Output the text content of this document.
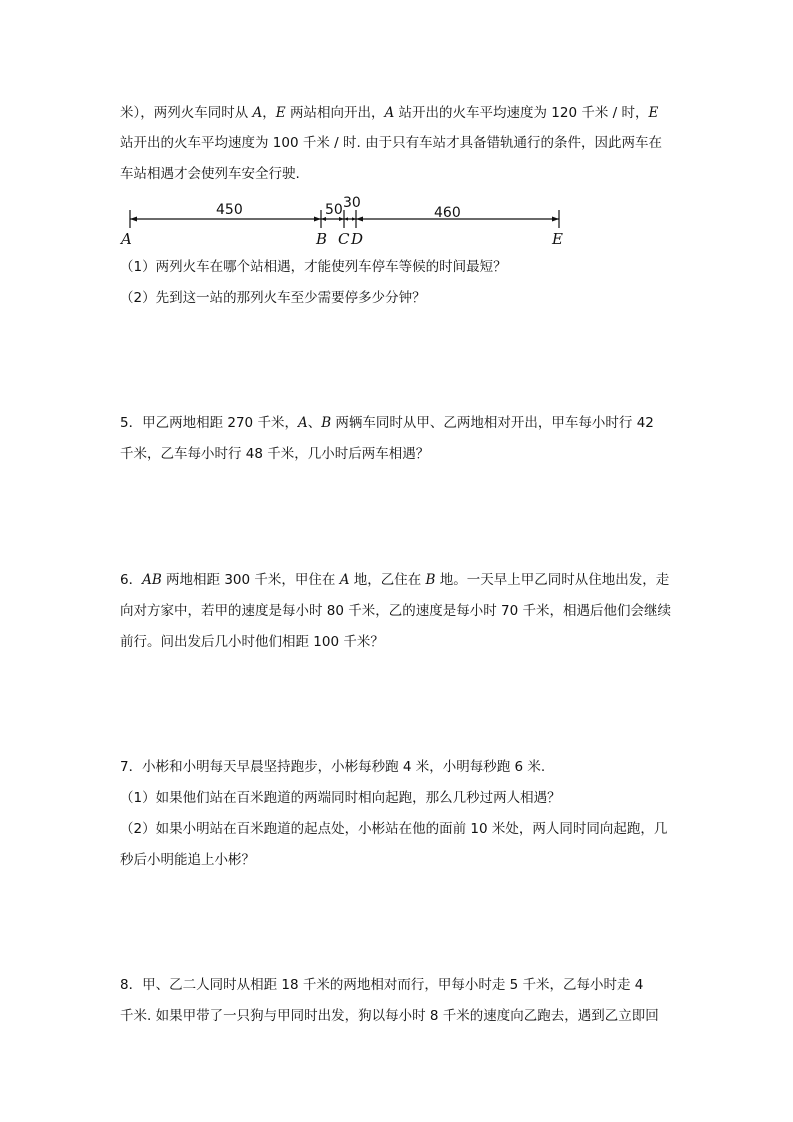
米），两列火车同时从 A，E 两站相向开出，A 站开出的火车平均速度为 120 千米 / 时，E
站开出的火车平均速度为 100 千米 / 时. 由于只有车站才具备错轨通行的条件，因此两车在
车站相遇才会使列车安全行驶.
450	50 30
460
A	B C D	E
（1）两列火车在哪个站相遇，才能使列车停车等候的时间最短？
（2）先到这一站的那列火车至少需要停多少分钟？
5．甲乙两地相距 270 千米，A、B 两辆车同时从甲、乙两地相对开出，甲车每小时行 42
千米，乙车每小时行 48 千米，几小时后两车相遇？
6．AB 两地相距 300 千米，甲住在 A 地，乙住在 B 地。一天早上甲乙同时从住地出发，走
向对方家中，若甲的速度是每小时 80 千米，乙的速度是每小时 70 千米，相遇后他们会继续
前行。问出发后几小时他们相距 100 千米？
7．小彬和小明每天早晨坚持跑步，小彬每秒跑 4 米，小明每秒跑 6 米.
（1）如果他们站在百米跑道的两端同时相向起跑，那么几秒过两人相遇？
（2）如果小明站在百米跑道的起点处，小彬站在他的面前 10 米处，两人同时同向起跑，几
秒后小明能追上小彬？
8．甲、乙二人同时从相距 18 千米的两地相对而行，甲每小时走 5 千米，乙每小时走 4
千米. 如果甲带了一只狗与甲同时出发，狗以每小时 8 千米的速度向乙跑去，遇到乙立即回
